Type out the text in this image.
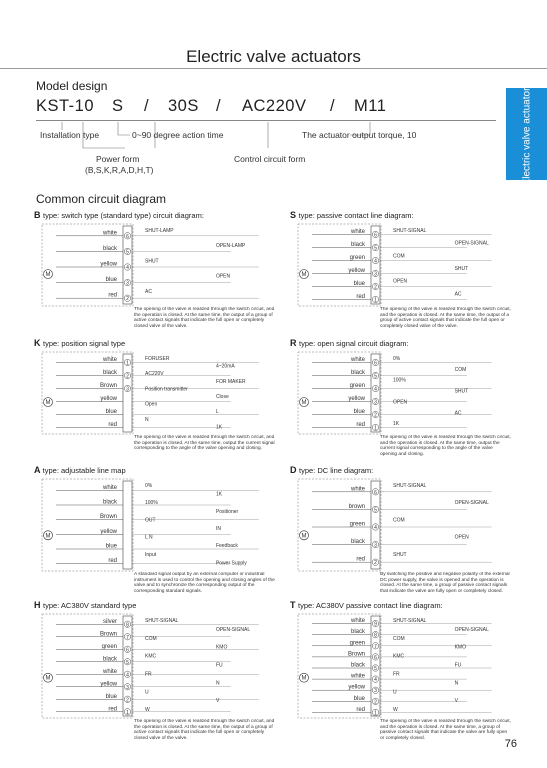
Electric valve actuators
Electric valve actuators
Model design
KST-10 S / 30S / AC220V / M11
Installation type	0~90 degree action time	The actuator output torque, 10
Power form
(B,S,K,R,A,D,H,T)
Control circuit form
Common circuit diagram
B type: switch type (standard type) circuit diagram:
M
white
6
black
5
yellow
4
blue
3
red
2
SHUT-LAMP
OPEN-LAMP
SHUT
OPEN
AC
The opening of the valve is realized through the switch circuit, and the operation is closed. At the same time, the output of a group of active contact signals that indicate the full open or completely closed valve of the valve.
S type: passive contact line diagram:
M
white
6
black
5
green
4
yellow
3
blue
2
red
1
SHUT-SIGNAL
OPEN-SIGNAL
COM
SHUT
OPEN
AC
The opening of the valve is realized through the switch circuit, and the operation is closed. At the same time, the output of a group of active contact signals that indicate the full open or completely closed valve of the valve.
K type: position signal type
M
white
1
black
2
Brown
3
yellow
blue
red
FORUSER
4~20mA
AC220V
FOR MAKER
Position transmitter
Close
Open
L
N
1K
The opening of the valve is realized through the switch circuit, and the operation is closed. At the same time, output the current signal corresponding to the angle of the valve opening and closing.
R type: open signal circuit diagram:
M
white
6
black
5
green
4
yellow
3
blue
2
red
1
0%
COM
100%
SHUT
OPEN
AC
1K
The opening of the valve is realized through the switch circuit, and the operation is closed. At the same time, output the current signal corresponding to the angle of the valve opening and closing.
A type: adjustable line map
M
white
black
Brown
yellow
blue
red
0%
1K
100%
Positioner
OUT
IN
L N
Feedback
Input
Power Supply
A standard signal output by an external computer or industrial instrument is used to control the opening and closing angles of the valve and to synchronize the corresponding output of the corresponding standard signals.
D type: DC line diagram:
M
white
6
brown
5
green
4
black
3
red
2
SHUT-SIGNAL
OPEN-SIGNAL
COM
OPEN
SHUT
By switching the positive and negative polarity of the external DC power supply, the valve is opened and the operation is closed. At the same time, a group of passive contact signals that indicate the valve are fully open or completely closed.
H type: AC380V standard type
M
silver
8
Brown
7
green
6
black
5
white
4
yellow
3
blue
2
red
1
SHUT-SIGNAL
OPEN-SIGNAL
COM
KMO
KMC
FU
FR
N
U
V
W
The opening of the valve is realized through the switch circuit, and the operation is closed. At the same time, the output of a group of active contact signals that indicate the full open or completely closed valve of the valve.
T type: AC380V passive contact line diagram:
M
white
9
black
8
green
7
Brown
6
black
5
white
4
yellow
3
blue
2
red
1
SHUT-SIGNAL
OPEN-SIGNAL
COM
KMO
KMC
FU
FR
N
U
V
W
The opening of the valve is realized through the switch circuit, and the operation is closed. At the same time, a group of passive contact signals that indicate the valve are fully open or completely closed.	76
